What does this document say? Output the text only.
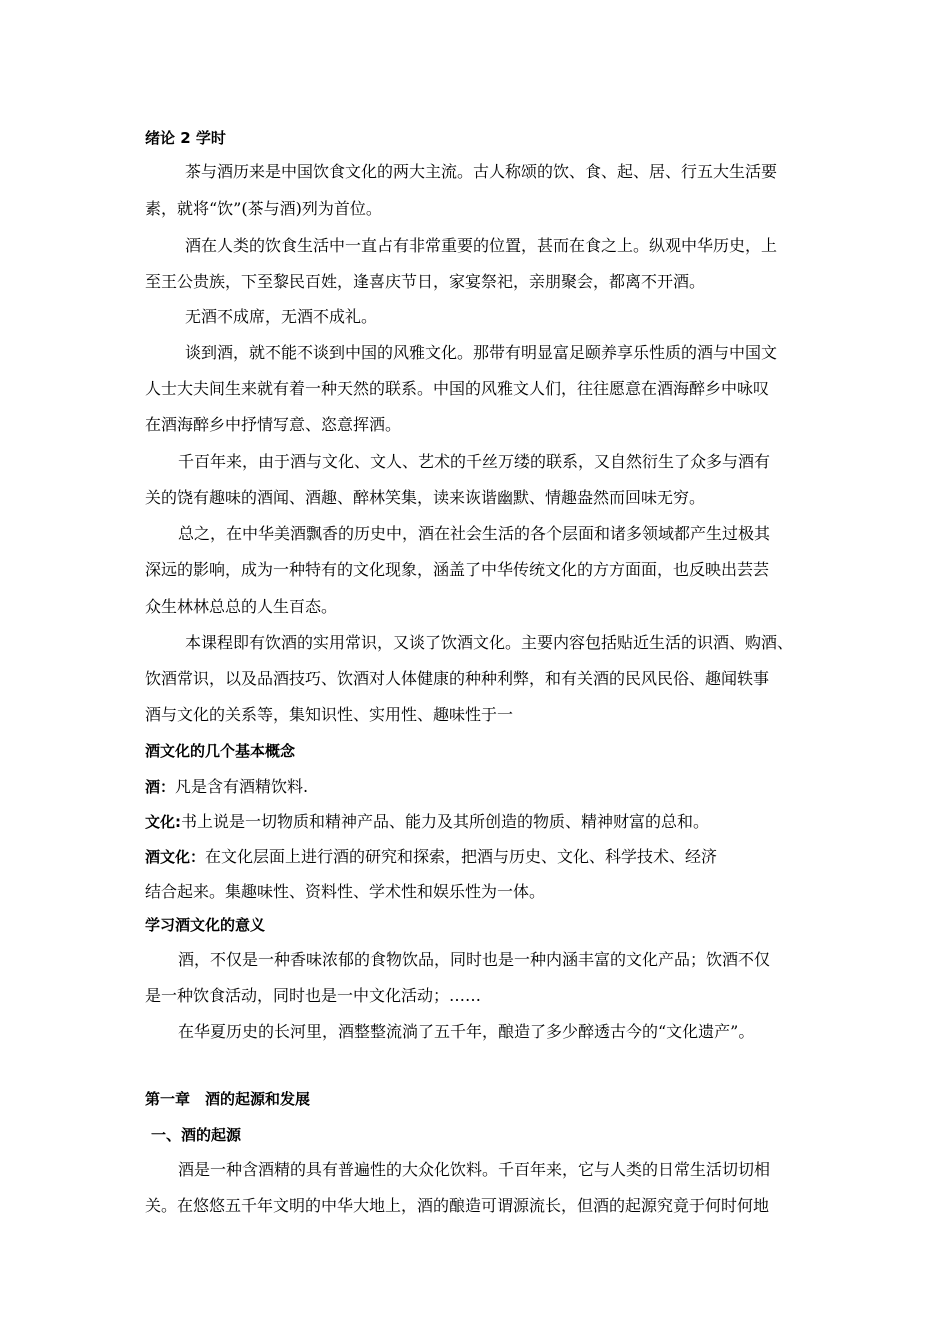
绪论 2 学时
茶与酒历来是中国饮食文化的两大主流。古人称颂的饮、食、起、居、行五大生活要
素，就将“饮”(茶与酒)列为首位。
酒在人类的饮食生活中一直占有非常重要的位置，甚而在食之上。纵观中华历史，上
至王公贵族，下至黎民百姓，逢喜庆节日，家宴祭祀，亲朋聚会，都离不开酒。
无酒不成席，无酒不成礼。
谈到酒，就不能不谈到中国的风雅文化。那带有明显富足颐养享乐性质的酒与中国文
人士大夫间生来就有着一种天然的联系。中国的风雅文人们，往往愿意在酒海醉乡中咏叹
在酒海醉乡中抒情写意、恣意挥洒。
千百年来，由于酒与文化、文人、艺术的千丝万缕的联系，又自然衍生了众多与酒有
关的饶有趣味的酒闻、酒趣、醉林笑集，读来诙谐幽默、情趣盎然而回味无穷。
总之，在中华美酒飘香的历史中，酒在社会生活的各个层面和诸多领域都产生过极其
深远的影响，成为一种特有的文化现象，涵盖了中华传统文化的方方面面，也反映出芸芸
众生林林总总的人生百态。
本课程即有饮酒的实用常识，又谈了饮酒文化。主要内容包括贴近生活的识酒、购酒、
饮酒常识，以及品酒技巧、饮酒对人体健康的种种利弊，和有关酒的民风民俗、趣闻轶事
酒与文化的关系等，集知识性、实用性、趣味性于一
酒文化的几个基本概念
酒：凡是含有酒精饮料.
文化:书上说是一切物质和精神产品、能力及其所创造的物质、精神财富的总和。
酒文化：在文化层面上进行酒的研究和探索，把酒与历史、文化、科学技术、经济
结合起来。集趣味性、资料性、学术性和娱乐性为一体。
学习酒文化的意义
酒，不仅是一种香味浓郁的食物饮品，同时也是一种内涵丰富的文化产品；饮酒不仅
是一种饮食活动，同时也是一中文化活动；……
在华夏历史的长河里，酒整整流淌了五千年，酿造了多少醉透古今的“文化遗产”。
第一章　酒的起源和发展
一、酒的起源
酒是一种含酒精的具有普遍性的大众化饮料。千百年来，它与人类的日常生活切切相
关。在悠悠五千年文明的中华大地上，酒的酿造可谓源流长，但酒的起源究竟于何时何地
